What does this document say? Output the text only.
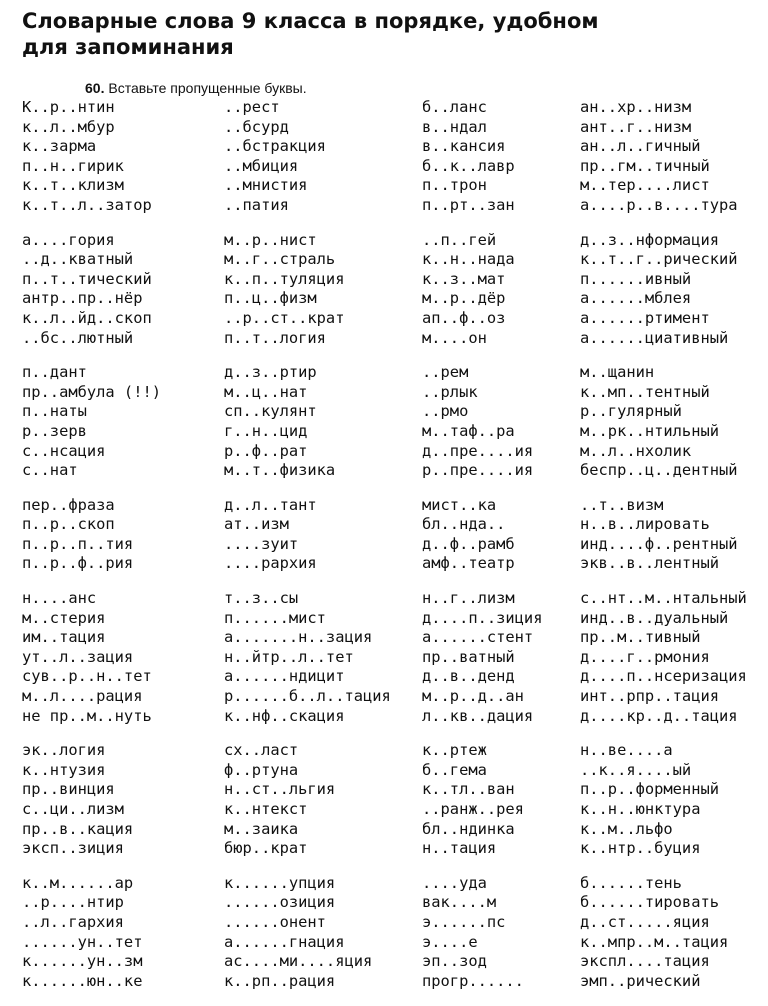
Словарные слова 9 класса в порядке, удобном
для запоминания
60. Вставьте пропущенные буквы.
К..р..нтин
к..л..мбур
к..зарма
п..н..гирик
к..т..клизм
к..т..л..затор
а....гория
..д..кватный
п..т..тический
антр..пр..нёр
к..л..йд..скоп
..бс..лютный
п..дант
пр..амбула (!!)
п..наты
р..зерв
с..нсация
с..нат
пер..фраза
п..р..скоп
п..р..п..тия
п..р..ф..рия
н....анс
м..стерия
им..тация
ут..л..зация
сув..р..н..тет
м..л....рация
не пр..м..нуть
эк..логия
к..нтузия
пр..винция
с..ци..лизм
пр..в..кация
эксп..зиция
к..м......ар
..р....нтир
..л..гархия
......ун..тет
к......ун..зм
к......юн..ке
..рест
..бсурд
..бстракция
..мбиция
..мнистия
..патия
м..р..нист
м..г..страль
к..п..туляция
п..ц..физм
..р..ст..крат
п..т..логия
д..з..ртир
м..ц..нат
сп..кулянт
г..н..цид
р..ф..рат
м..т..физика
д..л..тант
ат..изм
....зуит
....рархия
т..з..сы
п......мист
а.......н..зация
н..йтр..л..тет
а......ндицит
р......б..л..тация
к..нф..скация
сх..ласт
ф..ртуна
н..ст..льгия
к..нтекст
м..заика
бюр..крат
к......упция
......озиция
......онент
а......гнация
ас....ми....яция
к..рп..рация
б..ланс
в..ндал
в..кансия
б..к..лавр
п..трон
п..рт..зан
..п..гей
к..н..нада
к..з..мат
м..р..дёр
ап..ф..оз
м....он
..рем
..рлык
..рмо
м..таф..ра
д..пре....ия
р..пре....ия
мист..ка
бл..нда..
д..ф..рамб
амф..театр
н..г..лизм
д....п..зиция
а......стент
пр..ватный
д..в..денд
м..р..д..ан
л..кв..дация
к..ртеж
б..гема
к..тл..ван
..ранж..рея
бл..ндинка
н..тация
....уда
вак....м
э......пс
э....е
эп..зод
прогр......
ан..хр..низм
ант..г..низм
ан..л..гичный
пр..гм..тичный
м..тер....лист
а....р..в....тура
д..з..нформация
к..т..г..рический
п......ивный
а......мблея
а......ртимент
а......циативный
м..щанин
к..мп..тентный
р..гулярный
м..рк..нтильный
м..л..нхолик
беспр..ц..дентный
..т..визм
н..в..лировать
инд....ф..рентный
экв..в..лентный
с..нт..м..нтальный
инд..в..дуальный
пр..м..тивный
д....г..рмония
д....п..нсеризация
инт..рпр..тация
д....кр..д..тация
н..ве....а
..к..я....ый
п..р..форменный
к..н..юнктура
к..м..льфо
к..нтр..буция
б......тень
б......тировать
д..ст.....яция
к..мпр..м..тация
экспл....тация
эмп..рический
